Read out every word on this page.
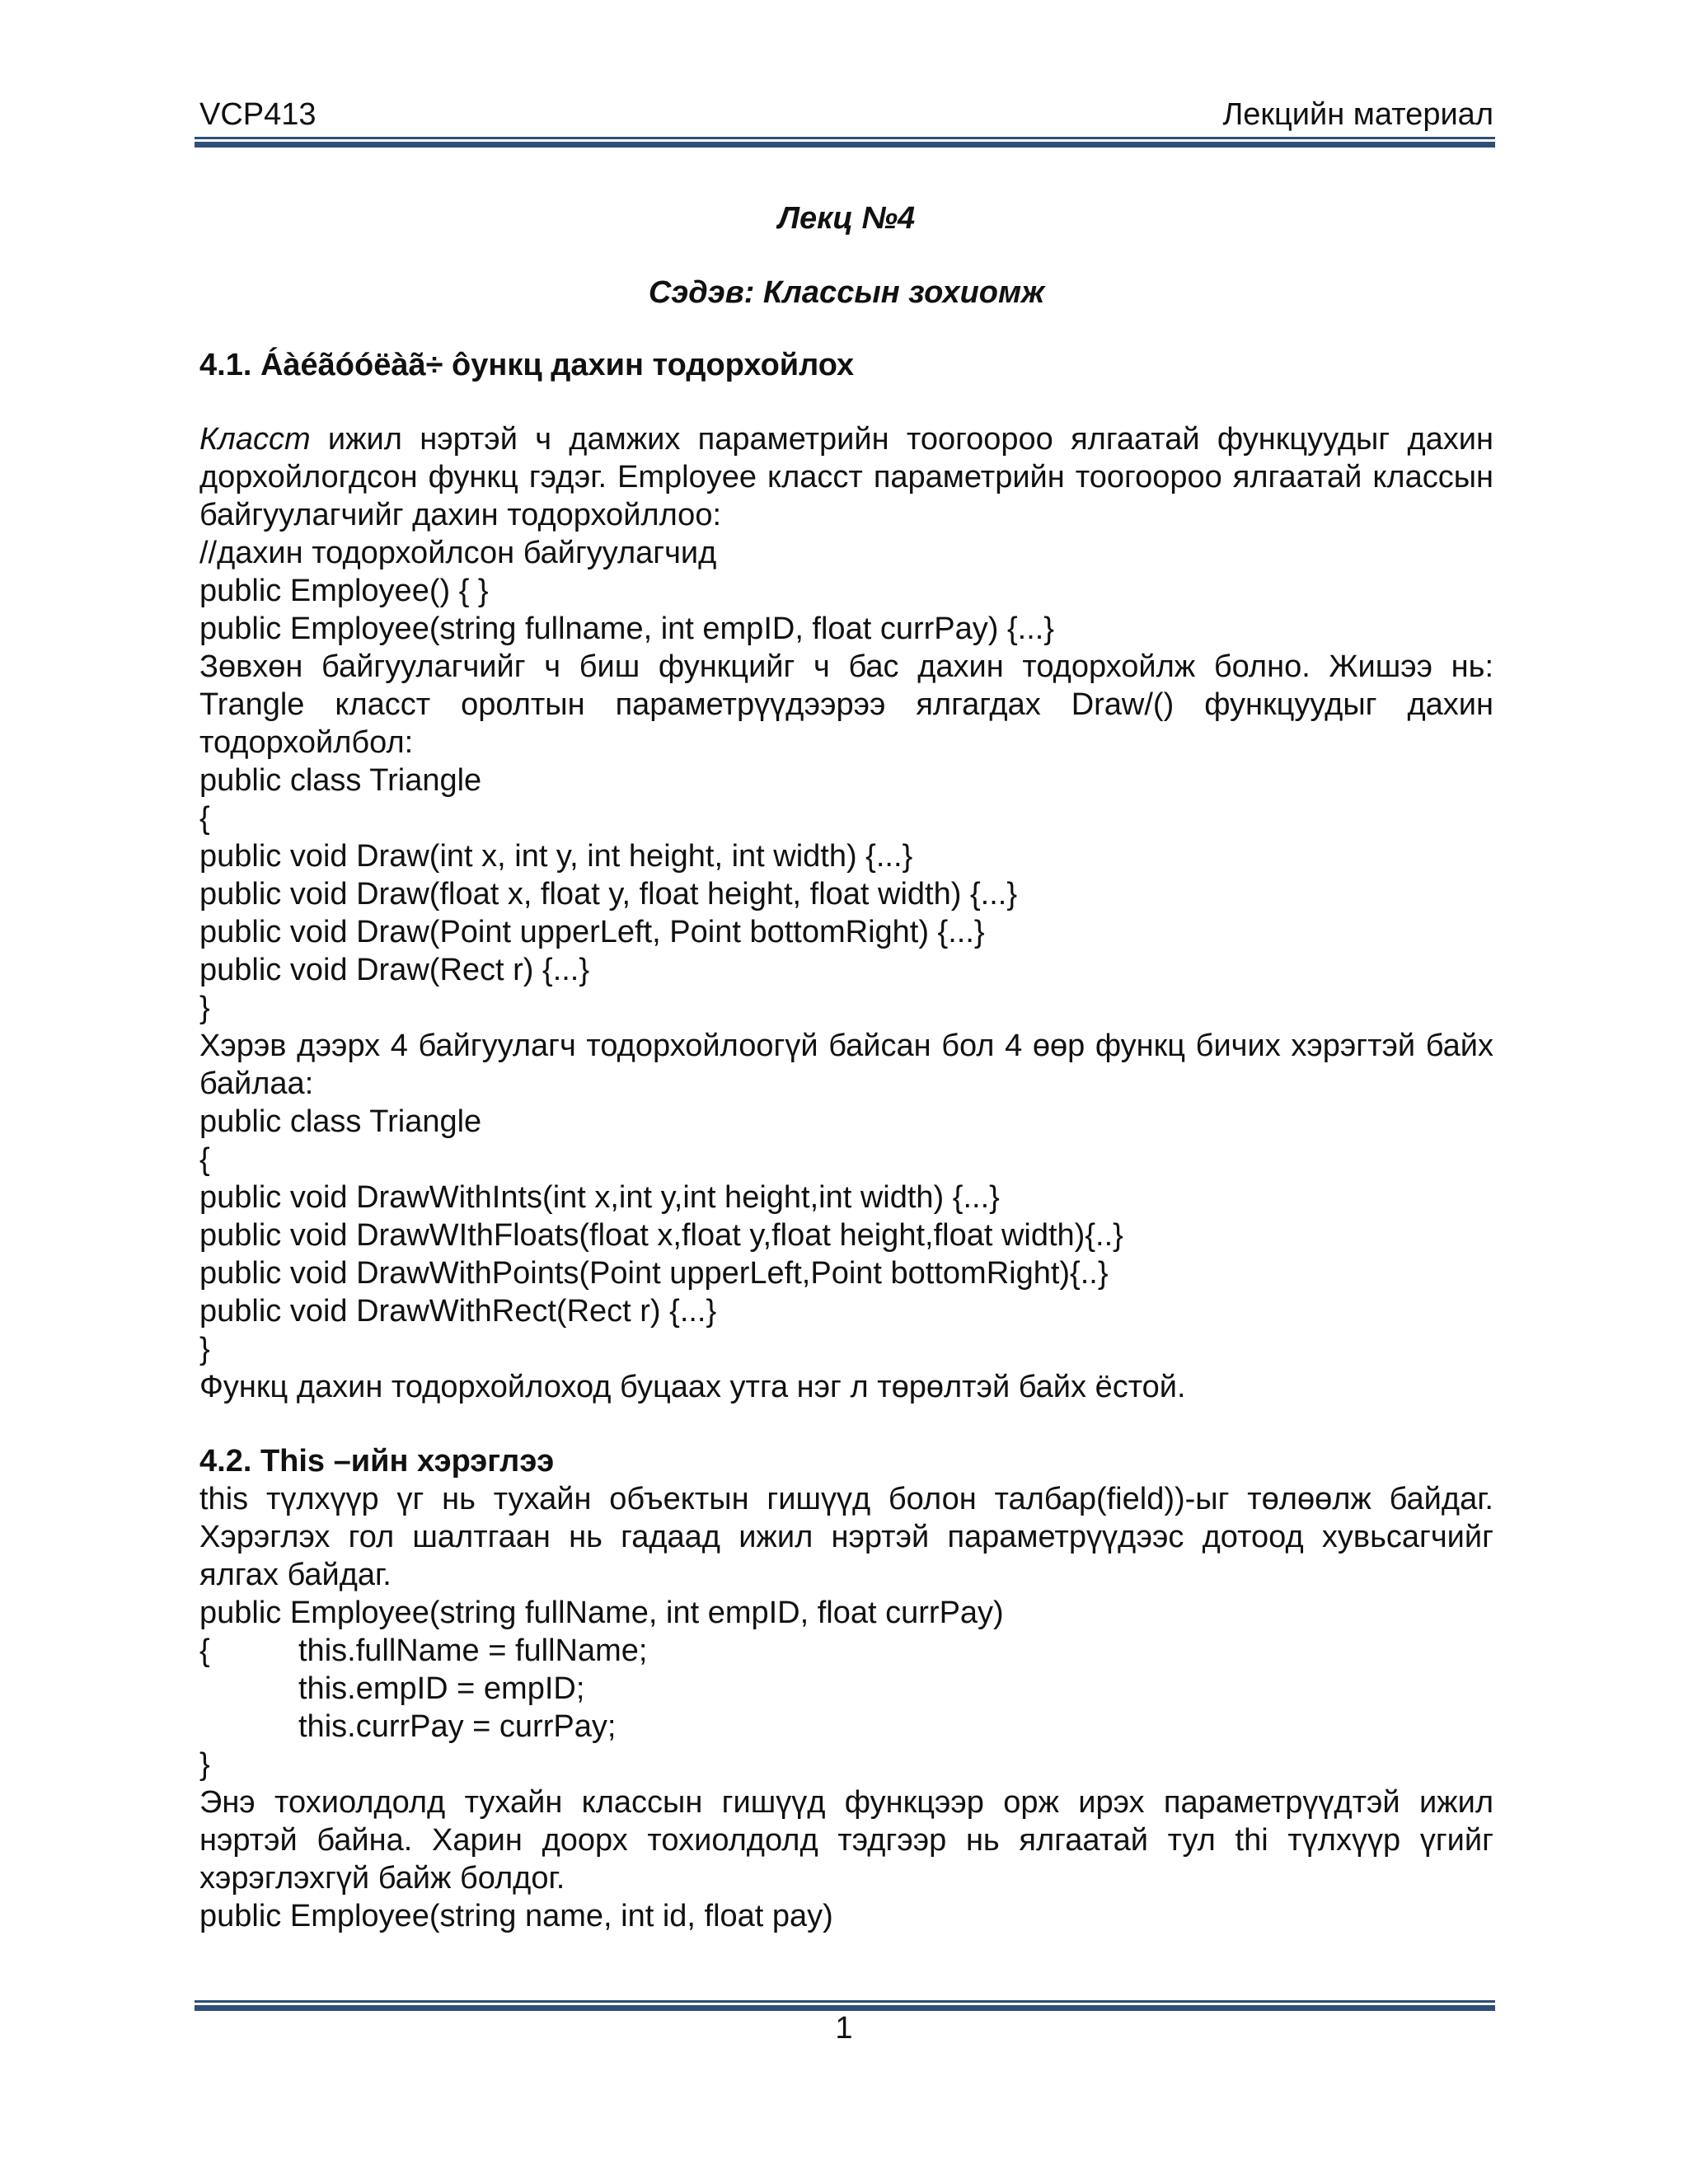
VCP413	Лекцийн материал

Лекц №4

Сэдэв: Классын зохиомж

4.1. Áàéãóóëàã÷ ôункц дахин тодорхойлох

Класст ижил нэртэй ч дамжих параметрийн тоогоороо ялгаатай функцуудыг дахин дорхойлогдсон функц гэдэг. Employee класст параметрийн тоогоороо ялгаатай классын байгуулагчийг дахин тодорхойллоо:

//дахин тодорхойлсон байгуулагчид
public Employee() { }
public Employee(string fullname, int empID, float currPay) {...}

Зөвхөн байгуулагчийг ч биш функцийг ч бас дахин тодорхойлж болно. Жишээ нь: Trangle класст оролтын параметрүүдээрээ ялгагдах Draw/() функцуудыг дахин тодорхойлбол:

public class Triangle
{
public void Draw(int x, int y, int height, int width) {...}
public void Draw(float x, float y, float height, float width) {...}
public void Draw(Point upperLeft, Point bottomRight) {...}
public void Draw(Rect r) {...}
}

Хэрэв дээрх 4 байгуулагч тодорхойлоогүй байсан бол 4 өөр функц бичих хэрэгтэй байх байлаа:

public class Triangle
{
public void DrawWithInts(int x,int y,int height,int width) {...}
public void DrawWIthFloats(float x,float y,float height,float width){..}
public void DrawWithPoints(Point upperLeft,Point bottomRight){..}
public void DrawWithRect(Rect r) {...}
}

Функц дахин тодорхойлоход буцаах утга нэг л төрөлтэй байх ёстой.

4.2. This –ийн хэрэглээ

this түлхүүр үг нь тухайн объектын гишүүд болон талбар(field))-ыг төлөөлж байдаг. Хэрэглэх гол шалтгаан нь гадаад ижил нэртэй параметрүүдээс дотоод хувьсагчийг ялгах байдаг.

public Employee(string fullName, int empID, float currPay)
{	this.fullName = fullName;
this.empID = empID;
this.currPay = currPay;
}

Энэ тохиолдолд тухайн классын гишүүд функцээр орж ирэх параметрүүдтэй ижил нэртэй байна. Харин доорх тохиолдолд тэдгээр нь ялгаатай тул thi түлхүүр үгийг хэрэглэхгүй байж болдог.

public Employee(string name, int id, float pay)
1
